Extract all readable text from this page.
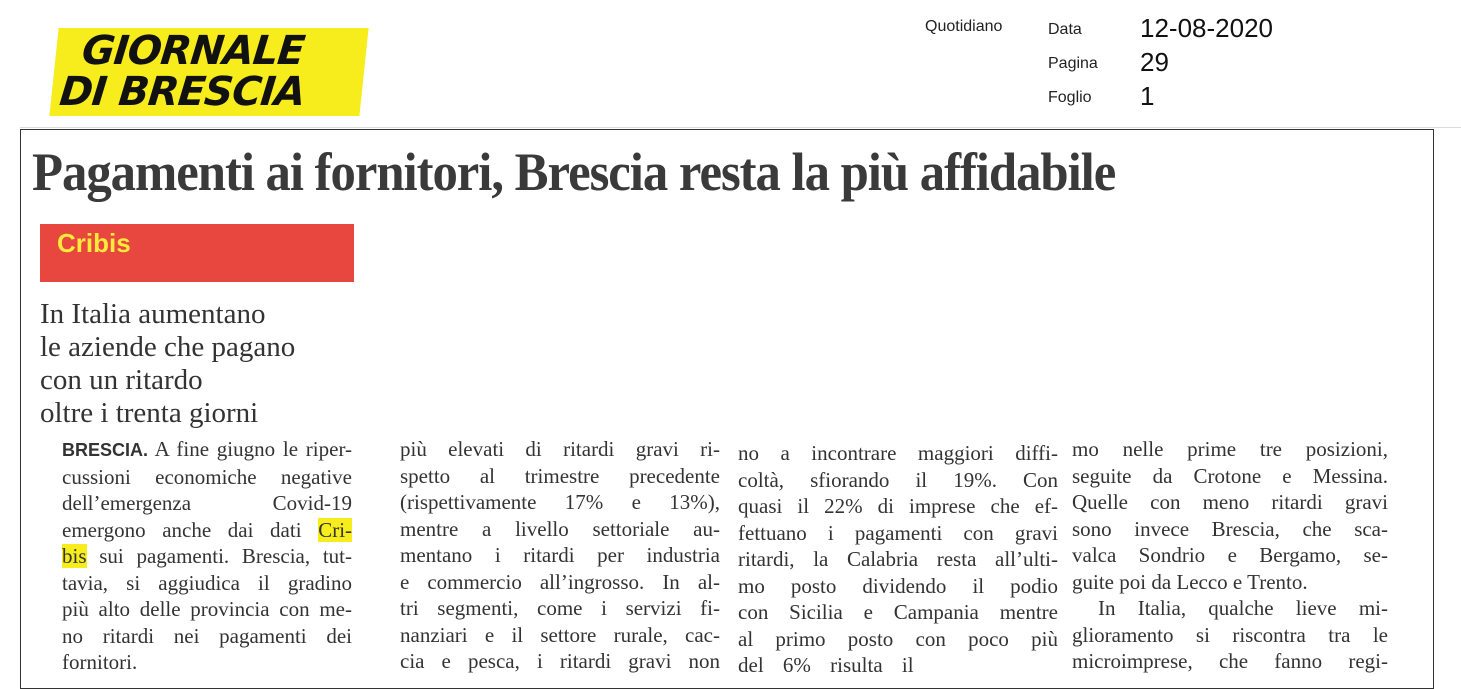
GIORNALE
DI BRESCIA
Quotidiano	Data 12-08-2020
Pagina 29
Foglio 1
Pagamenti ai fornitori, Brescia resta la più affidabile
Cribis
In Italia aumentano
le aziende che pagano
con un ritardo
oltre i trenta giorni
BRESCIA. A fine giugno le riper-
cussioni economiche negative
dell’emergenza	Covid-19
emergono anche dai dati Cri-
bis sui pagamenti. Brescia, tut-
tavia, si aggiudica il gradino
più alto delle provincia con me-
no ritardi nei pagamenti dei
fornitori.
più elevati di ritardi gravi ri-
spetto al trimestre precedente
(rispettivamente 17% e 13%),
mentre a livello settoriale au-
mentano i ritardi per industria
e commercio all’ingrosso. In al-
tri segmenti, come i servizi fi-
nanziari e il settore rurale, cac-
cia e pesca, i ritardi gravi non
no a incontrare maggiori diffi-
coltà, sfiorando il 19%. Con
quasi il 22% di imprese che ef-
fettuano i pagamenti con gravi
ritardi, la Calabria resta all’ulti-
mo posto dividendo il podio
con Sicilia e Campania mentre
al primo posto con poco più
del 6% risulta il
mo nelle prime tre posizioni,
seguite da Crotone e Messina.
Quelle con meno ritardi gravi
sono invece Brescia, che sca-
valca Sondrio e Bergamo, se-
guite poi da Lecco e Trento.
In Italia, qualche lieve mi-
glioramento si riscontra tra le
microimprese, che fanno regi-
